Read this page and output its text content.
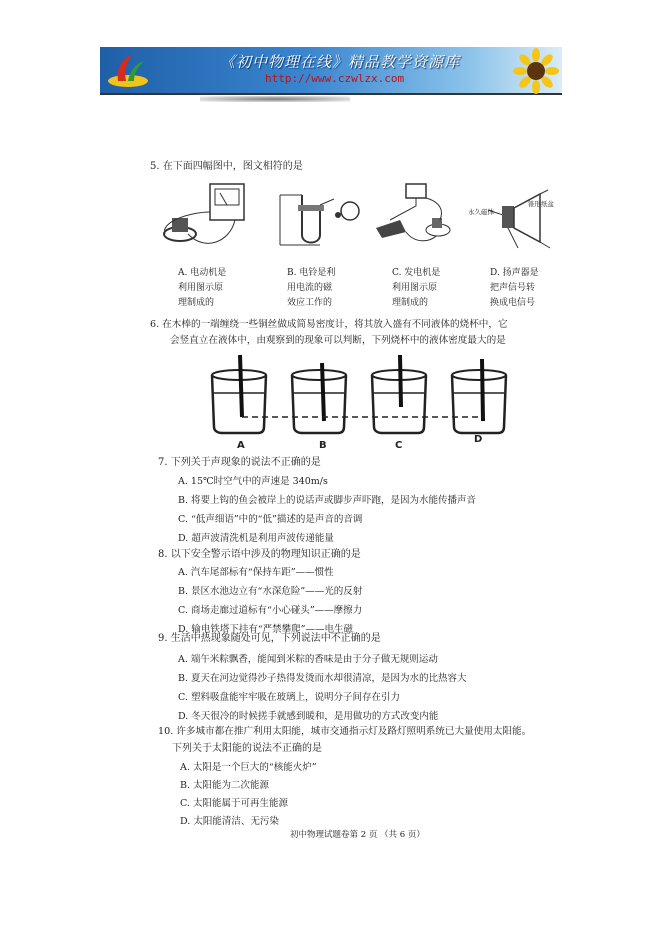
《初中物理在线》精品教学资源库
http://www.czwlzx.com
5. 在下面四幅图中，图文相符的是
永久磁体
锥形纸盆
A. 电动机是
利用图示原
理制成的
B. 电铃是利
用电流的磁
效应工作的
C. 发电机是
利用图示原
理制成的
D. 扬声器是
把声信号转
换成电信号
6. 在木棒的一端缠绕一些铜丝做成简易密度计，将其放入盛有不同液体的烧杯中，它
会竖直立在液体中，由观察到的现象可以判断，下列烧杯中的液体密度最大的是
A	B	C
D
7. 下列关于声现象的说法不正确的是
A. 15℃时空气中的声速是 340m/s
B. 将要上钩的鱼会被岸上的说话声或脚步声吓跑，是因为水能传播声音
C. “低声细语”中的“低”描述的是声音的音调
D. 超声波清洗机是利用声波传递能量
8. 以下安全警示语中涉及的物理知识正确的是
A. 汽车尾部标有“保持车距”——惯性
B. 景区水池边立有“水深危险”——光的反射
C. 商场走廊过道标有“小心碰头”——摩擦力
D. 输电铁塔下挂有“严禁攀爬”——电生磁
9. 生活中热现象随处可见，下列说法中不正确的是
A. 端午米粽飘香，能闻到米粽的香味是由于分子做无规则运动
B. 夏天在河边觉得沙子热得发烫而水却很清凉，是因为水的比热容大
C. 塑料吸盘能牢牢吸在玻璃上，说明分子间存在引力
D. 冬天很冷的时候搓手就感到暖和，是用做功的方式改变内能
10. 许多城市都在推广利用太阳能，城市交通指示灯及路灯照明系统已大量使用太阳能。
下列关于太阳能的说法不正确的是
A. 太阳是一个巨大的“核能火炉”
B. 太阳能为二次能源
C. 太阳能属于可再生能源
D. 太阳能清洁、无污染
初中物理试题卷第 2 页 （共 6 页）
